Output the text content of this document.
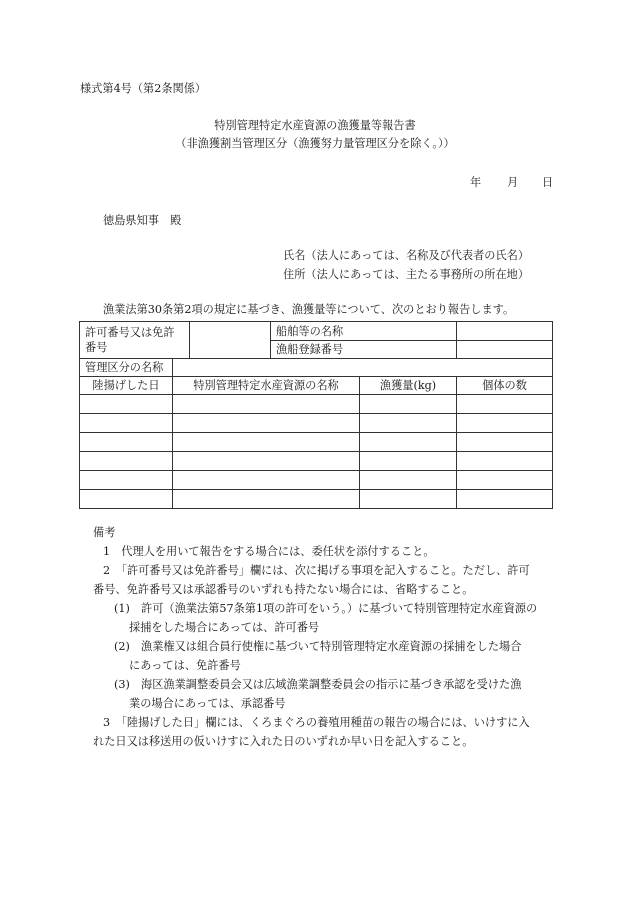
様式第4号（第2条関係）
特別管理特定水産資源の漁獲量等報告書
（非漁獲割当管理区分（漁獲努力量管理区分を除く。））
年 月 日
徳島県知事　殿
氏名（法人にあっては、名称及び代表者の氏名）
住所（法人にあっては、主たる事務所の所在地）
漁業法第30条第2項の規定に基づき、漁獲量等について、次のとおり報告します。
許可番号又は免許番号			船舶等の名称		
			漁船登録番号		
管理区分の名称					
陸揚げした日	特別管理特定水産資源の名称			漁獲量(kg)	個体の数

備考
1　代理人を用いて報告をする場合には、委任状を添付すること。
2　「許可番号又は免許番号」欄には、次に掲げる事項を記入すること。ただし、許可
番号、免許番号又は承認番号のいずれも持たない場合には、省略すること。
(1)　許可（漁業法第57条第1項の許可をいう。）に基づいて特別管理特定水産資源の
採捕をした場合にあっては、許可番号
(2)　漁業権又は組合員行使権に基づいて特別管理特定水産資源の採捕をした場合
にあっては、免許番号
(3)　海区漁業調整委員会又は広域漁業調整委員会の指示に基づき承認を受けた漁
業の場合にあっては、承認番号
3　「陸揚げした日」欄には、くろまぐろの養殖用種苗の報告の場合には、いけすに入
れた日又は移送用の仮いけすに入れた日のいずれか早い日を記入すること。
